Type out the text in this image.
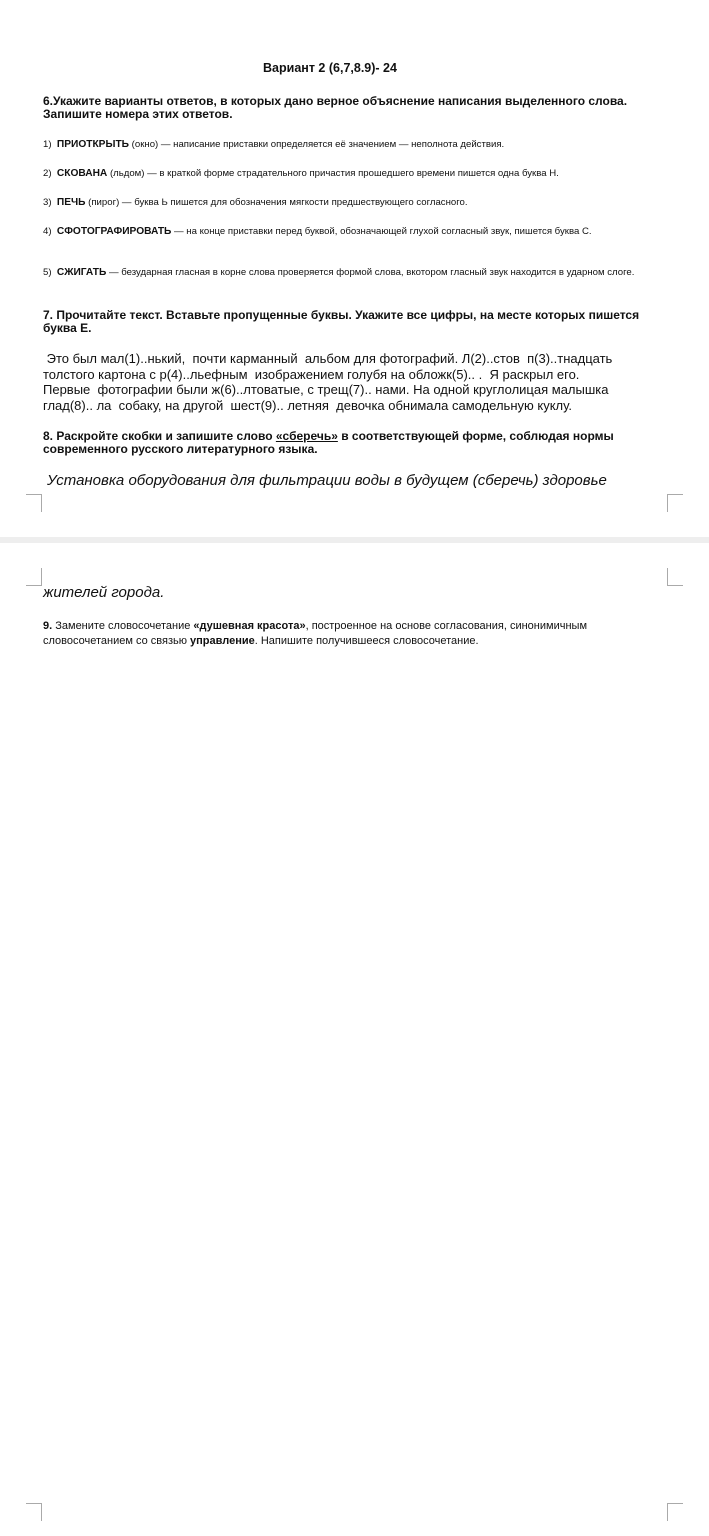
Вариант 2 (6,7,8.9)- 24
6.Укажите варианты ответов, в которых дано верное объяснение написания выделенного слова.
Запишите номера этих ответов.
1) ПРИОТКРЫТЬ (окно) — написание приставки определяется её значением — неполнота действия.
2) СКОВАНА (льдом) — в краткой форме страдательного причастия прошедшего времени пишется одна буква Н.
3) ПЕЧЬ (пирог) — буква Ь пишется для обозначения мягкости предшествующего согласного.
4) СФОТОГРАФИРОВАТЬ — на конце приставки перед буквой, обозначающей глухой согласный звук, пишется буква С.
5) СЖИГАТЬ — безударная гласная в корне слова проверяется формой слова, вкотором гласный звук находится в ударном слоге.
7. Прочитайте текст. Вставьте пропущенные буквы. Укажите все цифры, на месте которых пишется
буква Е.
Это был мал(1)..нький,  почти карманный  альбом для фотографий. Л(2)..стов  п(3)..тнадцать
толстого картона с р(4)..льефным  изображением голубя на обложк(5).. .  Я раскрыл его.
Первые  фотографии были ж(6)..лтоватые, с трещ(7).. нами. На одной круглолицая малышка
глад(8).. ла  собаку, на другой  шест(9).. летняя  девочка обнимала самодельную куклу.
8. Раскройте скобки и запишите слово «сберечь» в соответствующей форме, соблюдая нормы
современного русского литературного языка.
Установка оборудования для фильтрации воды в будущем (сберечь) здоровье
жителей города.
9. Замените словосочетание «душевная красота», построенное на основе согласования, синонимичным
словосочетанием со связью управление. Напишите получившееся словосочетание.
